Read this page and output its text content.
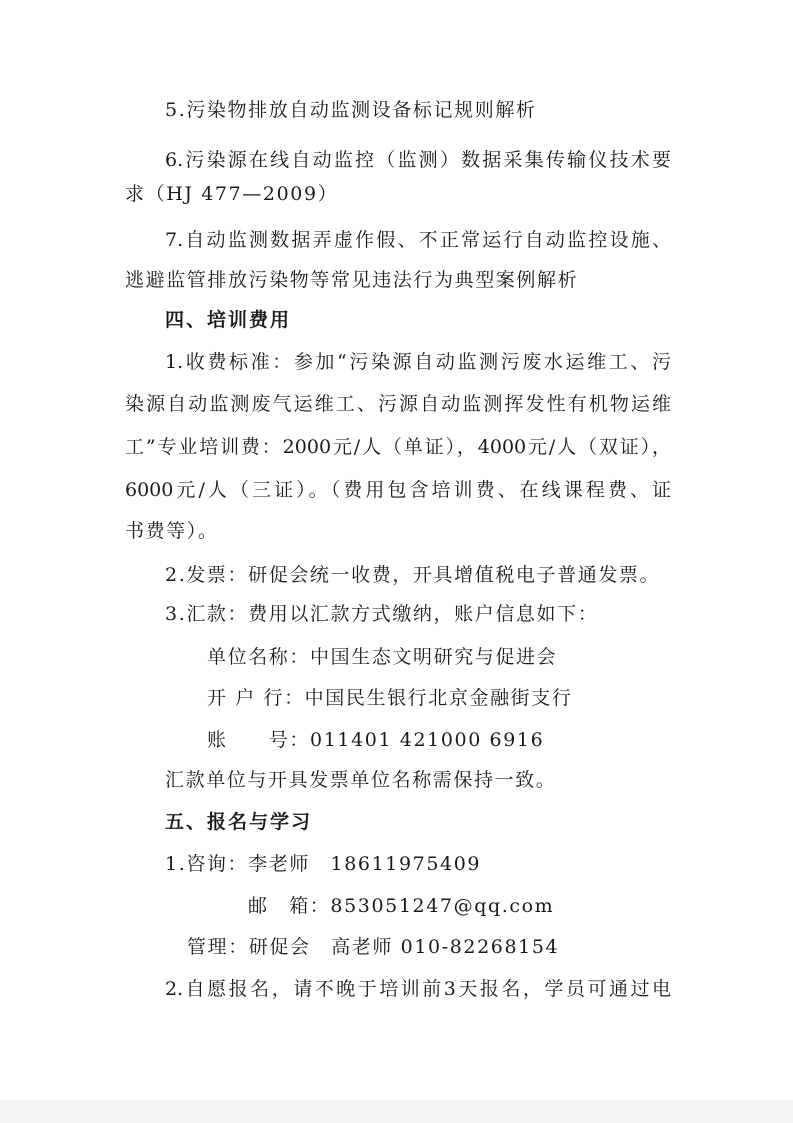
5.污染物排放自动监测设备标记规则解析

6.污染源在线自动监控（监测）数据采集传输仪技术要

求（HJ 477—2009）

7.自动监测数据弄虚作假、不正常运行自动监控设施、

逃避监管排放污染物等常见违法行为典型案例解析

四、培训费用

1.收费标准：参加“污染源自动监测污废水运维工、污

染源自动监测废气运维工、污源自动监测挥发性有机物运维

工”专业培训费：2000元/人（单证），4000元/人（双证），

6000元/人（三证）。（费用包含培训费、在线课程费、证

书费等）。

2.发票：研促会统一收费，开具增值税电子普通发票。

3.汇款：费用以汇款方式缴纳，账户信息如下：

单位名称：中国生态文明研究与促进会

开 户 行：中国民生银行北京金融街支行

账　　号：011401 421000 6916

汇款单位与开具发票单位名称需保持一致。

五、报名与学习

1.咨询：李老师　18611975409

邮　箱：853051247@qq.com

管理：研促会　高老师 010-82268154

2.自愿报名，请不晚于培训前3天报名，学员可通过电
